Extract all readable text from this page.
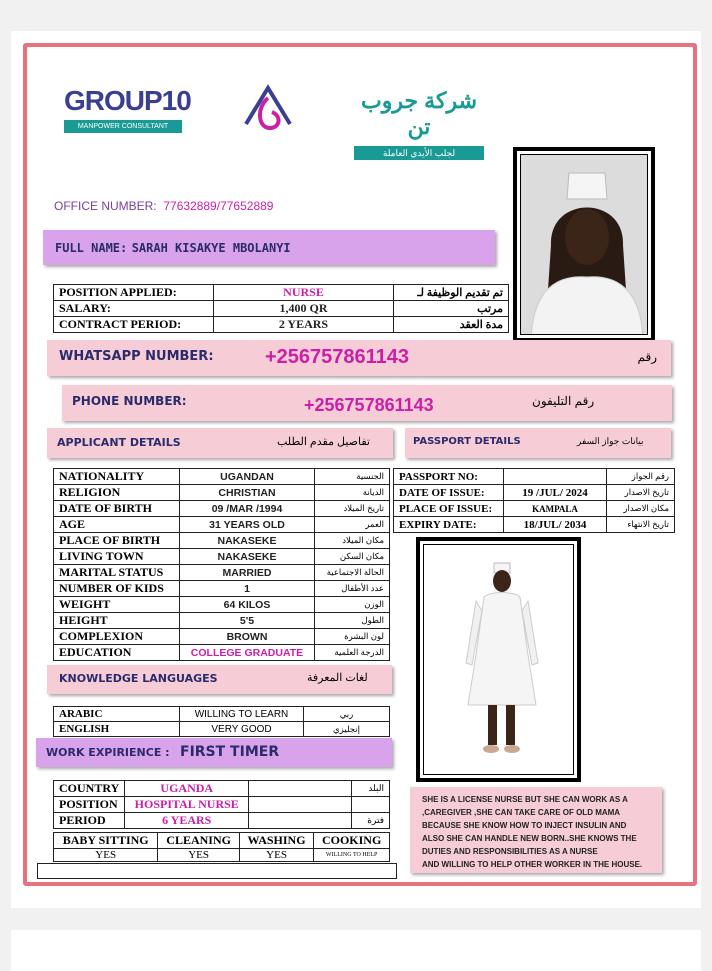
GROUP10
MANPOWER CONSULTANT
شركة جروب تن
لجلب الأيدي العاملة
OFFICE NUMBER: 77632889/77652889
FULL NAME: SARAH KISAKYE MBOLANYI
POSITION APPLIED:	NURSE	تم تقديم الوظيفة لـ
SALARY:	1,400 QR	مرتب
CONTRACT PERIOD:	2 YEARS	مدة العقد
WHATSAPP NUMBER:	+256757861143	رقم
PHONE NUMBER:	+256757861143	رقم التليفون
APPLICANT DETAILS	تفاصيل مقدم الطلب	PASSPORT DETAILS	بيانات جواز السفر
NATIONALITY	UGANDAN	الجنسية
RELIGION	CHRISTIAN	الديانة
DATE OF BIRTH	09 /MAR /1994	تاريخ الميلاد
AGE	31 YEARS OLD	العمر
PLACE OF BIRTH	NAKASEKE	مكان الميلاد
LIVING TOWN	NAKASEKE	مكان السكن
MARITAL STATUS	MARRIED	الحالة الاجتماعية
NUMBER OF KIDS	1	عدد الأطفال
WEIGHT	64 KILOS	الوزن
HEIGHT	5'5	الطول
COMPLEXION	BROWN	لون البشرة
EDUCATION	COLLEGE GRADUATE	الدرجة العلمية
PASSPORT NO:		رقم الجواز
DATE OF ISSUE:	19 /JUL/ 2024	تاريخ الاصدار
PLACE OF ISSUE:	KAMPALA	مكان الاصدار
EXPIRY DATE:	18/JUL/ 2034	تاريخ الانتهاء
KNOWLEDGE LANGUAGES	لغات المعرفة
ARABIC	WILLING TO LEARN	ربي
ENGLISH	VERY GOOD	إنجليزي
WORK EXPIRIENCE : FIRST TIMER
COUNTRY	UGANDA		البلد
POSITION	HOSPITAL NURSE		
PERIOD	6 YEARS		فترة
BABY SITTING	CLEANING	WASHING	COOKING
YES	YES	YES	WILLING TO HELP
SHE IS A LICENSE NURSE BUT SHE CAN WORK AS A
,CAREGIVER ,SHE CAN TAKE CARE OF OLD MAMA
BECAUSE SHE KNOW HOW TO INJECT INSULIN AND
ALSO SHE CAN HANDLE NEW BORN..SHE KNOWS THE
DUTIES AND RESPONSIBILITIES AS A NURSE
AND WILLING TO HELP OTHER WORKER IN THE HOUSE.
